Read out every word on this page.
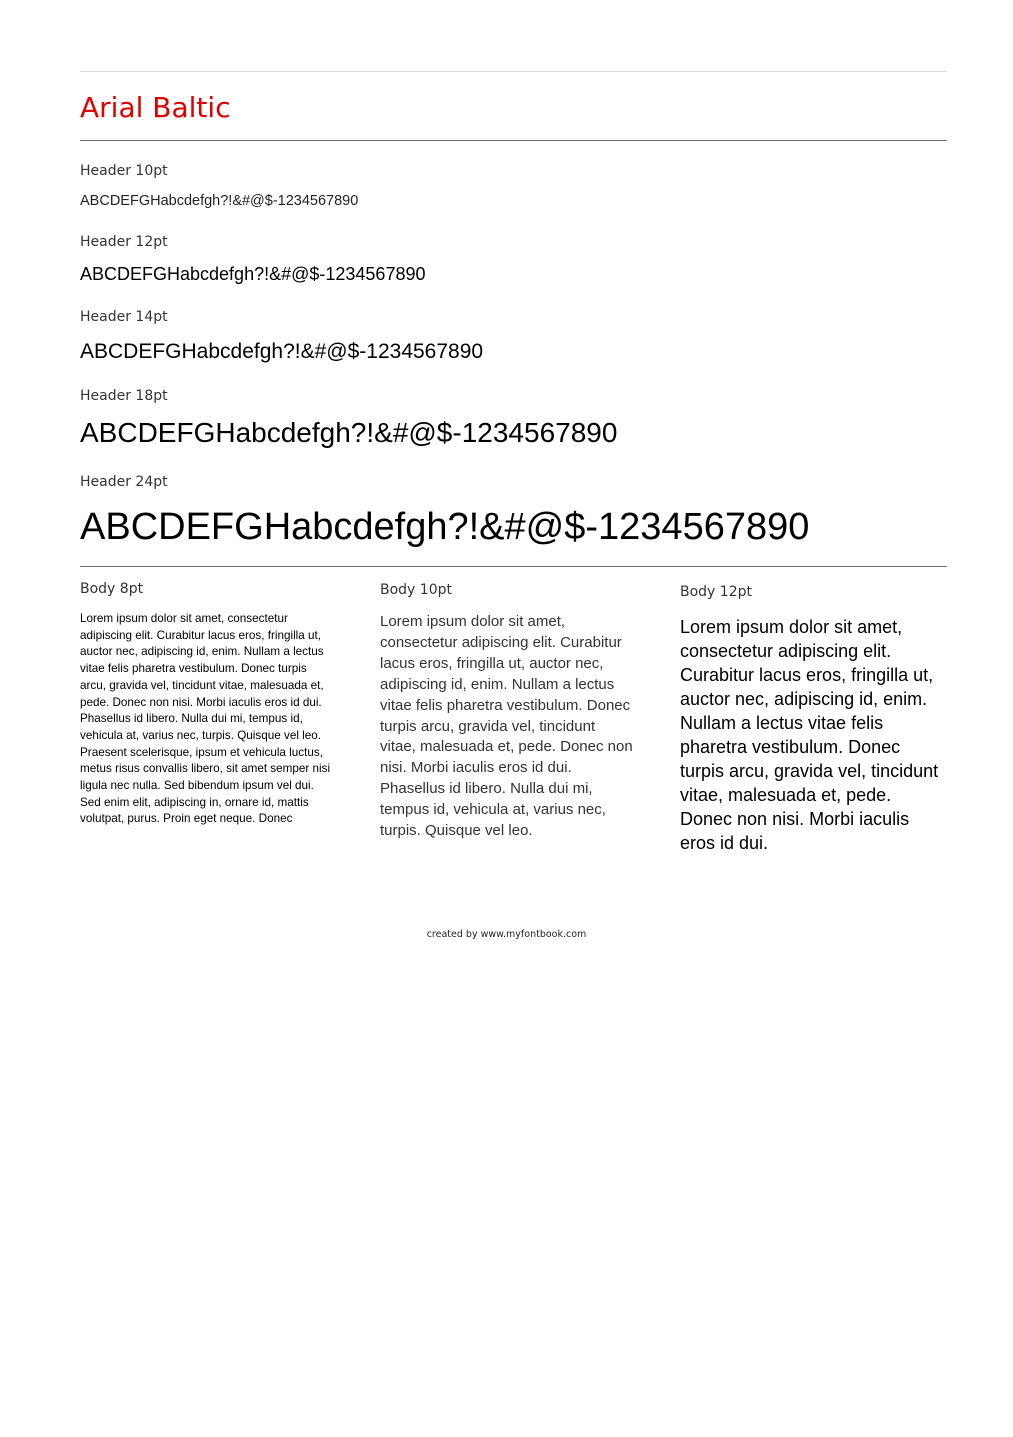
Arial Baltic
Header 10pt
ABCDEFGHabcdefgh?!&#@$-1234567890
Header 12pt
ABCDEFGHabcdefgh?!&#@$-1234567890
Header 14pt
ABCDEFGHabcdefgh?!&#@$-1234567890
Header 18pt
ABCDEFGHabcdefgh?!&#@$-1234567890
Header 24pt
ABCDEFGHabcdefgh?!&#@$-1234567890
Body 8pt

Lorem ipsum dolor sit amet, consectetur adipiscing elit. Curabitur lacus eros, fringilla ut, auctor nec, adipiscing id, enim. Nullam a lectus vitae felis pharetra vestibulum. Donec turpis arcu, gravida vel, tincidunt vitae, malesuada et, pede. Donec non nisi. Morbi iaculis eros id dui. Phasellus id libero. Nulla dui mi, tempus id, vehicula at, varius nec, turpis. Quisque vel leo. Praesent scelerisque, ipsum et vehicula luctus, metus risus convallis libero, sit amet semper nisi ligula nec nulla. Sed bibendum ipsum vel dui. Sed enim elit, adipiscing in, ornare id, mattis volutpat, purus. Proin eget neque. Donec

Body 10pt

Lorem ipsum dolor sit amet, consectetur adipiscing elit. Curabitur lacus eros, fringilla ut, auctor nec, adipiscing id, enim. Nullam a lectus vitae felis pharetra vestibulum. Donec turpis arcu, gravida vel, tincidunt vitae, malesuada et, pede. Donec non nisi. Morbi iaculis eros id dui. Phasellus id libero. Nulla dui mi, tempus id, vehicula at, varius nec, turpis. Quisque vel leo.

Body 12pt

Lorem ipsum dolor sit amet, consectetur adipiscing elit. Curabitur lacus eros, fringilla ut, auctor nec, adipiscing id, enim. Nullam a lectus vitae felis pharetra vestibulum. Donec turpis arcu, gravida vel, tincidunt vitae, malesuada et, pede. Donec non nisi. Morbi iaculis eros id dui.

created by www.myfontbook.com
